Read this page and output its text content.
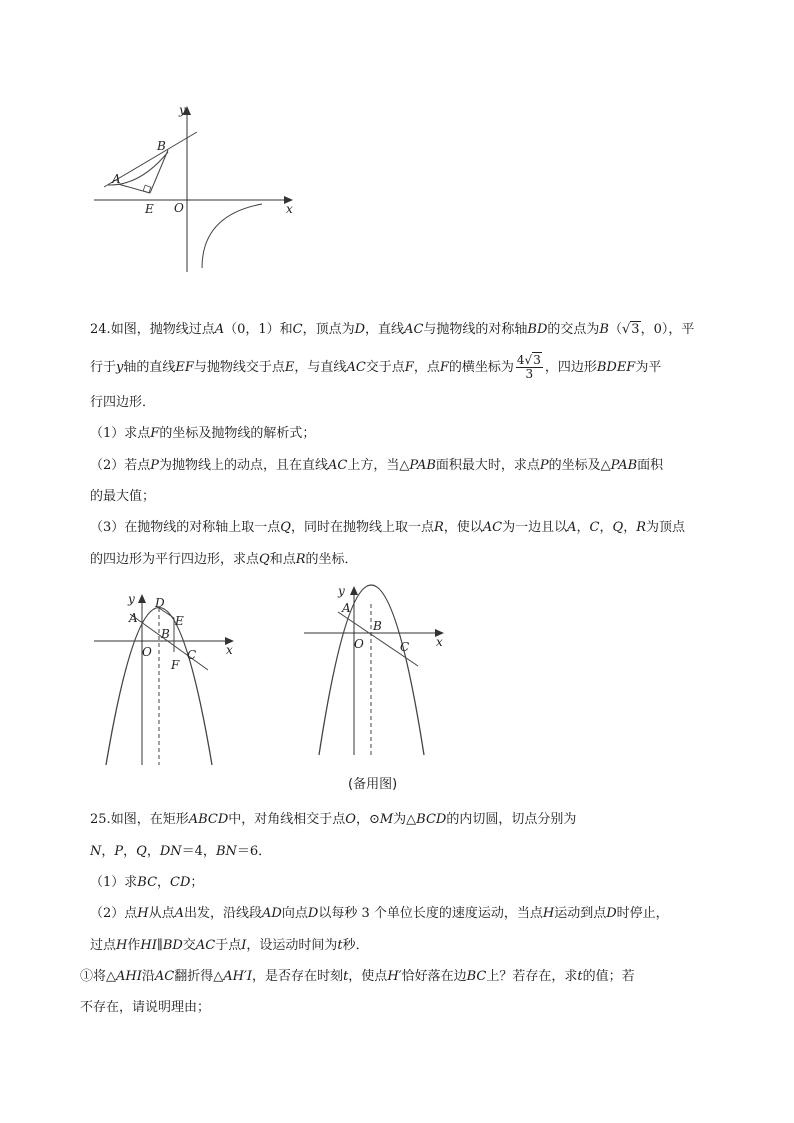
y
x
O
A
B
E
24.如图，抛物线过点A（0，1）和C，顶点为D，直线AC与抛物线的对称轴BD的交点为B（√3，0），平
行于y轴的直线EF与抛物线交于点E，与直线AC交于点F，点F的横坐标为 $\frac{4√3}{3}$ ，四边形BDEF为平
行四边形．
（1）求点F的坐标及抛物线的解析式；
（2）若点P为抛物线上的动点，且在直线AC上方，当△PAB面积最大时，求点P的坐标及△PAB面积
的最大值；
（3）在抛物线的对称轴上取一点Q，同时在抛物线上取一点R，使以AC为一边且以A，C，Q，R为顶点
的四边形为平行四边形，求点Q和点R的坐标．
y
x
O
A
B
C
D
E
F
y
x
O
A
B
C
(备用图)
25.如图，在矩形ABCD中，对角线相交于点O，⊙M为△BCD的内切圆，切点分别为
N，P，Q，DN＝4，BN＝6．
（1）求BC，CD；
（2）点H从点A出发，沿线段AD向点D以每秒 3 个单位长度的速度运动，当点H运动到点D时停止，
过点H作HI∥BD交AC于点I，设运动时间为t秒．
①将△AHI沿AC翻折得△AH′I，是否存在时刻t，使点H′恰好落在边BC上？若存在，求t的值；若
不存在，请说明理由；
